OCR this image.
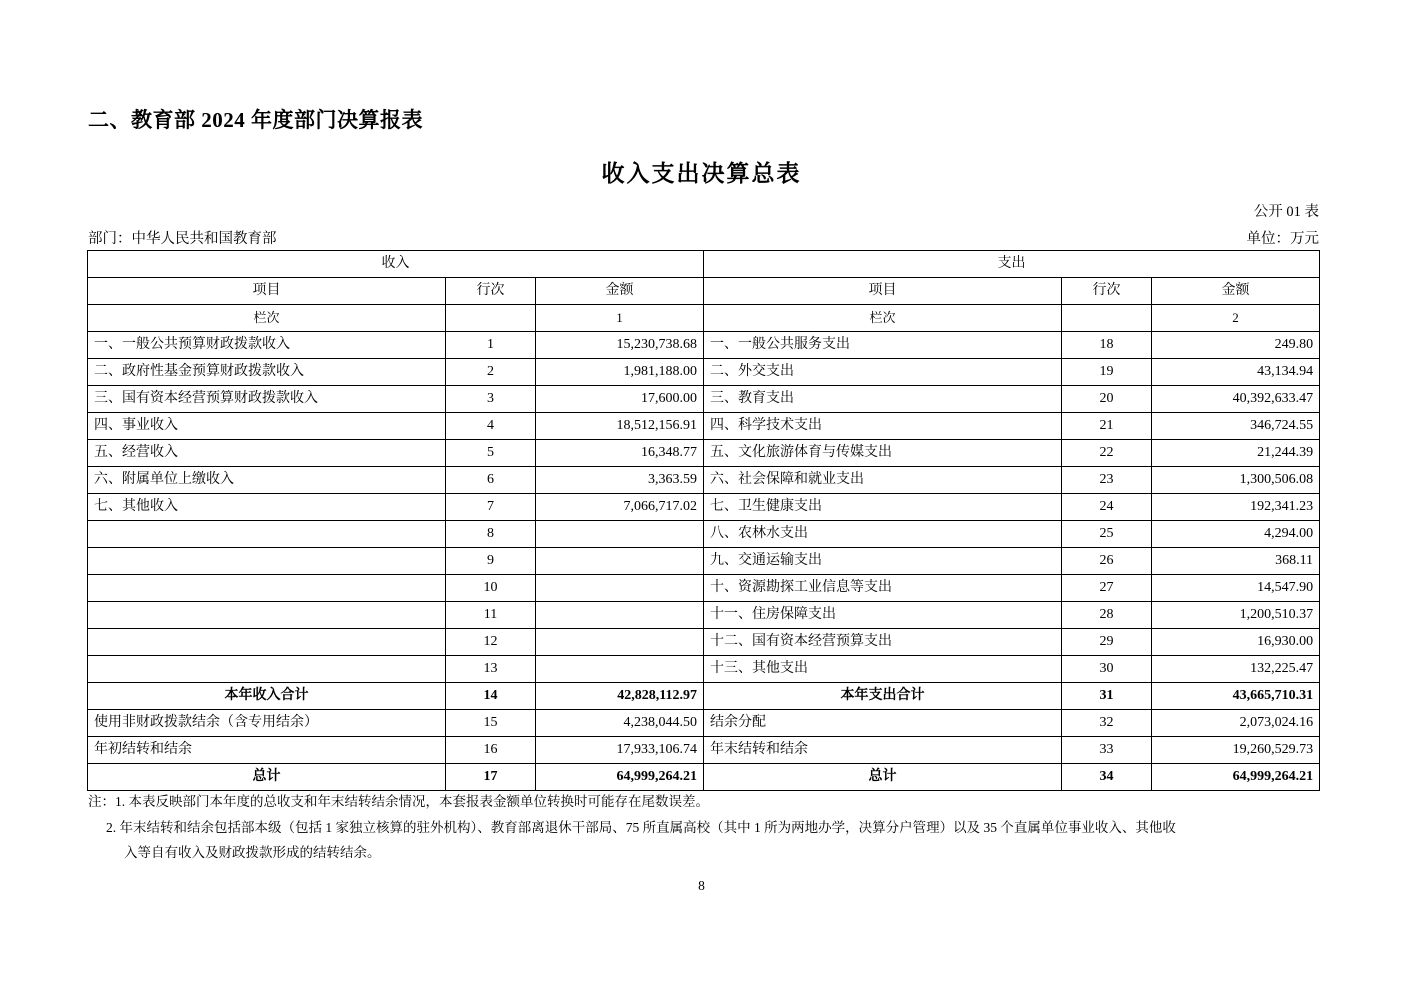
二、教育部 2024 年度部门决算报表
收入支出决算总表
公开 01 表
部门：中华人民共和国教育部	单位：万元
收入			支出		
项目	行次	金额	项目	行次	金额
栏次		1	栏次		2
一、一般公共预算财政拨款收入	1	15,230,738.68	一、一般公共服务支出	18	249.80
二、政府性基金预算财政拨款收入	2	1,981,188.00	二、外交支出	19	43,134.94
三、国有资本经营预算财政拨款收入	3	17,600.00	三、教育支出	20	40,392,633.47
四、事业收入	4	18,512,156.91	四、科学技术支出	21	346,724.55
五、经营收入	5	16,348.77	五、文化旅游体育与传媒支出	22	21,244.39
六、附属单位上缴收入	6	3,363.59	六、社会保障和就业支出	23	1,300,506.08
七、其他收入	7	7,066,717.02	七、卫生健康支出	24	192,341.23
	8		八、农林水支出	25	4,294.00
	9		九、交通运输支出	26	368.11
	10		十、资源勘探工业信息等支出	27	14,547.90
	11		十一、住房保障支出	28	1,200,510.37
	12		十二、国有资本经营预算支出	29	16,930.00
	13		十三、其他支出	30	132,225.47
本年收入合计	14	42,828,112.97	本年支出合计	31	43,665,710.31
使用非财政拨款结余（含专用结余）	15	4,238,044.50	结余分配	32	2,073,024.16
年初结转和结余	16	17,933,106.74	年末结转和结余	33	19,260,529.73
总计	17	64,999,264.21	总计	34	64,999,264.21
注：1. 本表反映部门本年度的总收支和年末结转结余情况，本套报表金额单位转换时可能存在尾数误差。
2. 年末结转和结余包括部本级（包括 1 家独立核算的驻外机构）、教育部离退休干部局、75 所直属高校（其中 1 所为两地办学，决算分户管理）以及 35 个直属单位事业收入、其他收
入等自有收入及财政拨款形成的结转结余。
8
